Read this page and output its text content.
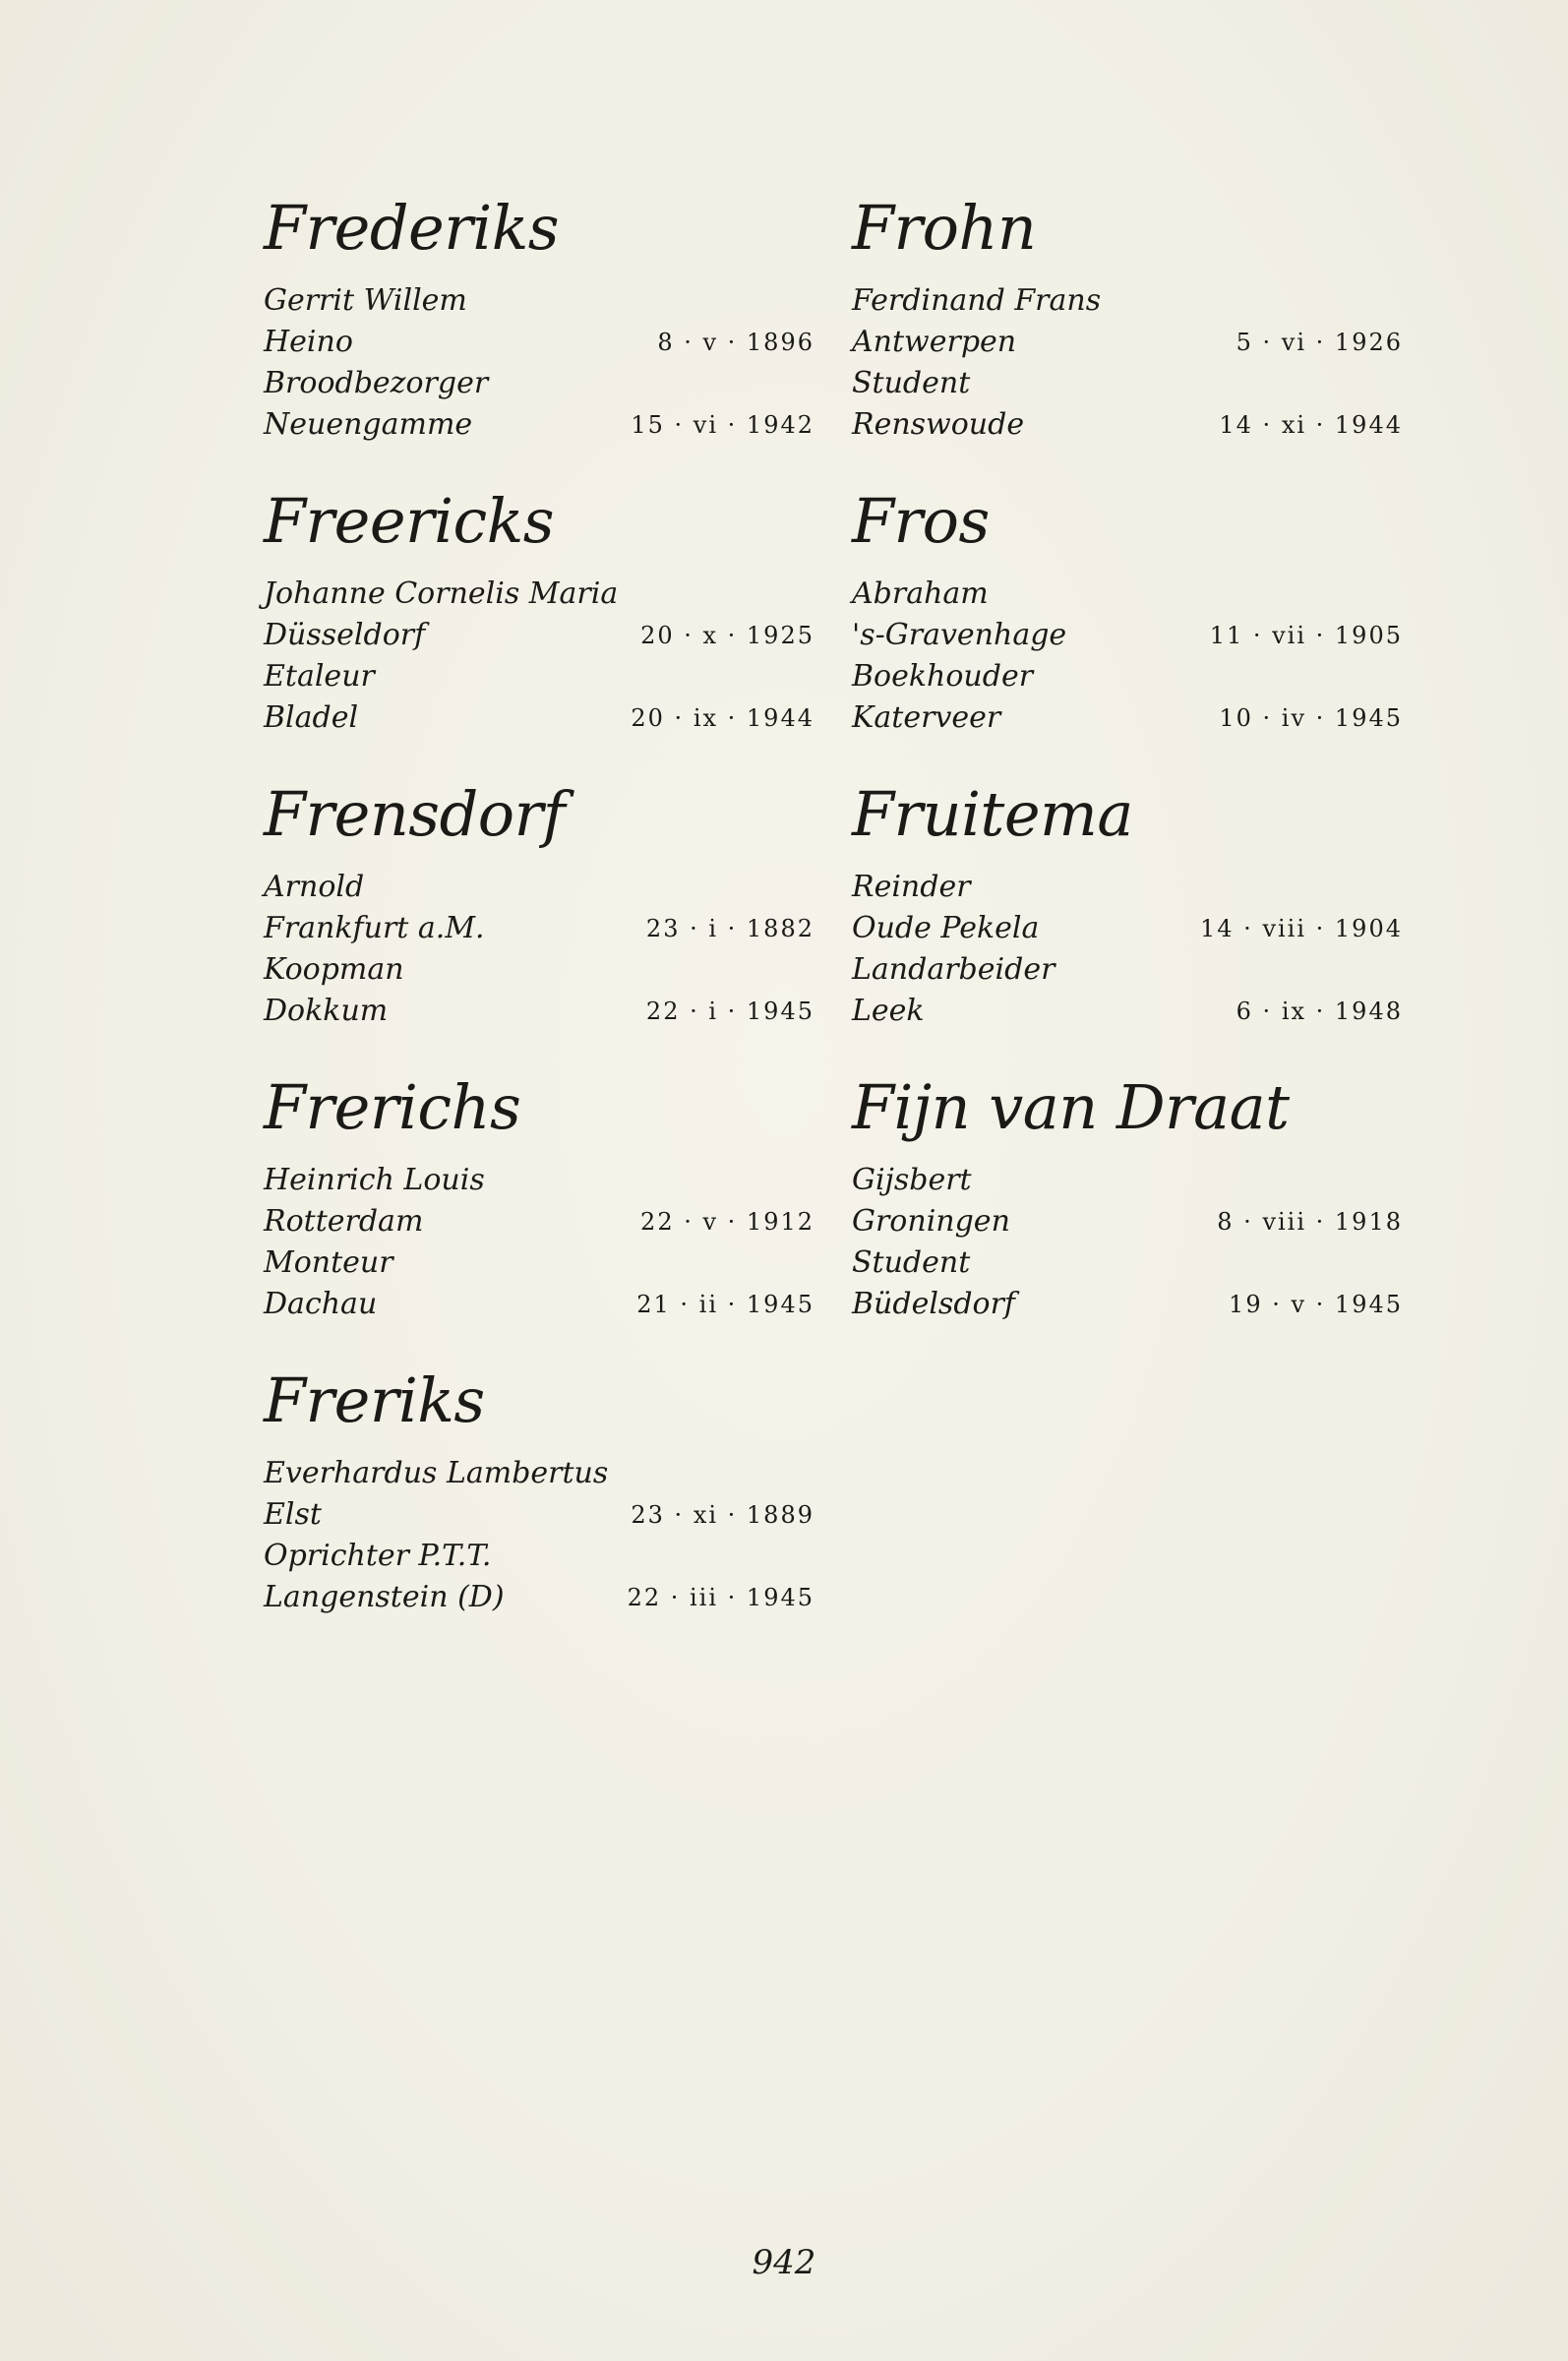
Frederiks
Gerrit Willem
Heino	8 · v · 1896
Broodbezorger
Neuengamme	15 · vi · 1942
Freericks
Johanne Cornelis Maria
Düsseldorf	20 · x · 1925
Etaleur
Bladel	20 · ix · 1944
Frensdorf
Arnold
Frankfurt a.M.	23 · i · 1882
Koopman
Dokkum	22 · i · 1945
Frerichs
Heinrich Louis
Rotterdam	22 · v · 1912
Monteur
Dachau	21 · ii · 1945
Freriks
Everhardus Lambertus
Elst	23 · xi · 1889
Oprichter P.T.T.
Langenstein (D)	22 · iii · 1945
Frohn
Ferdinand Frans
Antwerpen	5 · vi · 1926
Student
Renswoude	14 · xi · 1944
Fros
Abraham
's-Gravenhage	11 · vii · 1905
Boekhouder
Katerveer	10 · iv · 1945
Fruitema
Reinder
Oude Pekela	14 · viii · 1904
Landarbeider
Leek	6 · ix · 1948
Fijn van Draat
Gijsbert
Groningen	8 · viii · 1918
Student
Büdelsdorf	19 · v · 1945
942
